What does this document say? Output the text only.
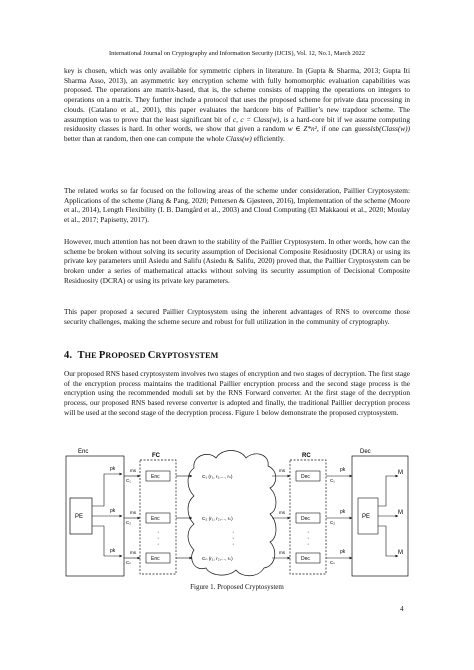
International Journal on Cryptography and Information Security (IJCIS), Vol. 12, No.1, March 2022

key is chosen, which was only available for symmetric ciphers in literature. In (Gupta & Sharma, 2013; Gupta Iti Sharma Asso, 2013), an asymmetric key encryption scheme with fully homomorphic evaluation capabilities was proposed. The operations are matrix-based, that is, the scheme consists of mapping the operations on integers to operations on a matrix. They further include a protocol that uses the proposed scheme for private data processing in clouds. (Catalano et al., 2001), this paper evaluates the hardcore bits of Paillier’s new trapdoor scheme. The assumption was to prove that the least significant bit of c, c = Class(w), is a hard-core bit if we assume computing residuosity classes is hard. In other words, we show that given a random w ∈ Z*n², if one can guesslsb(Class(w)) better than at random, then one can compute the whole Class(w) efficiently.

The related works so far focused on the following areas of the scheme under consideration, Paillier Cryptosystem: Applications of the scheme (Jiang & Pang, 2020; Pettersen & Gjøsteen, 2016), Implementation of the scheme (Moore et al., 2014), Length Flexibility (I. B. Damgård et al., 2003) and Cloud Computing (El Makkaoui et al., 2020; Moulay et al., 2017; Papisetty, 2017).

However, much attention has not been drawn to the stability of the Paillier Cryptosystem. In other words, how can the scheme be broken without solving its security assumption of Decisional Composite Residuosity (DCRA) or using its private key parameters until Asiedu and Salifu (Asiedu & Salifu, 2020) proved that, the Paillier Cryptosystem can be broken under a series of mathematical attacks without solving its security assumption of Decisional Composite Residuosity (DCRA) or using its private key parameters.

This paper proposed a secured Paillier Cryptosystem using the inherent advantages of RNS to overcome those security challenges, making the scheme secure and robust for full utilization in the community of cryptography.

4. THE PROPOSED CRYPTOSYSTEM

Our proposed RNS based cryptosystem involves two stages of encryption and two stages of decryption. The first stage of the encryption process maintains the traditional Paillier encryption process and the second stage process is the encryption using the recommended moduli set by the RNS Forward converter. At the first stage of the decryption process, our proposed RNS based reverse converter is adopted and finally, the traditional Paillier decryption process will be used at the second stage of the decryption process. Figure 1 below demonstrate the proposed cryptosystem.

Enc
PE
pk
pk
pk
C₁
C₂
Cₙ
FC
ms
ms
ms
Enc
Enc
Enc
·
·
·
C₁ (r₁, r₂,..., rₙ)
C₂ (r₁, r₂,..., rₙ)
Cₙ (r₁, r₂,..., rₙ)
·
·
·
RC
ms
ms
ms
Dec
Dec
Dec
·
·
·
C₁
C₂
Cₙ
pk
pk
pk
Dec
PE
M
M
M
Figure 1. Proposed Cryptosystem
4
